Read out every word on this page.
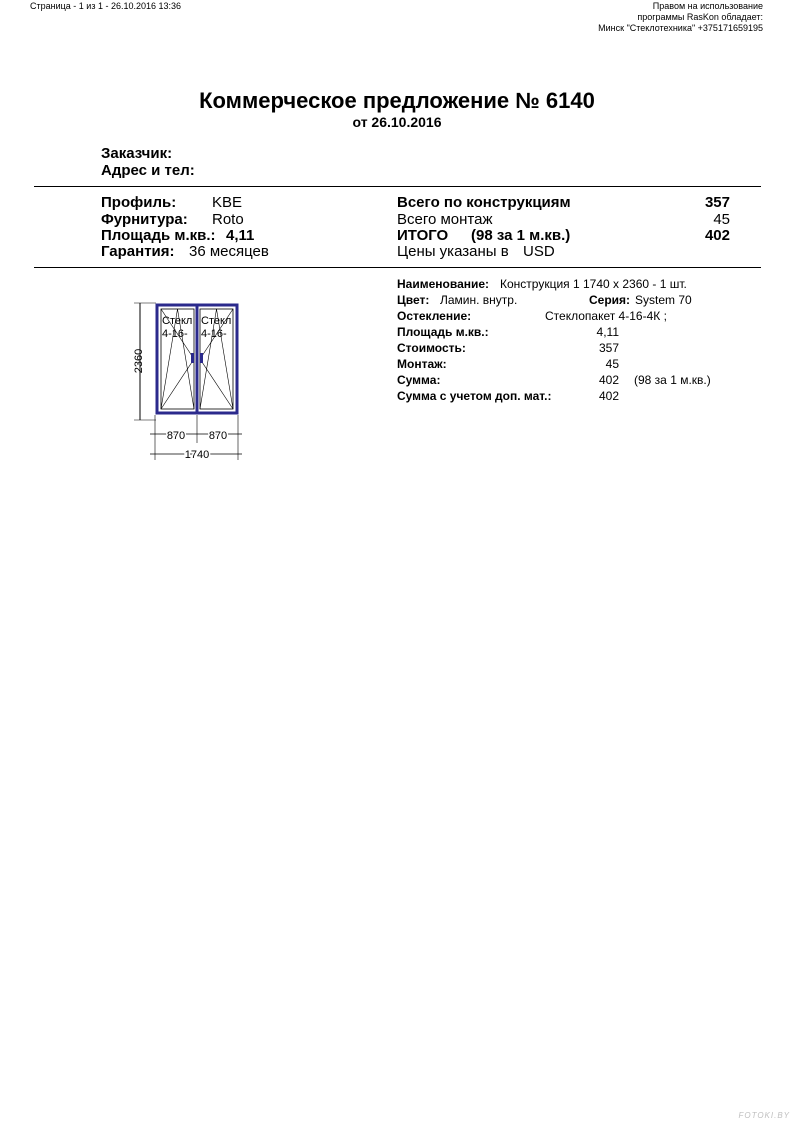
Страница - 1 из 1 - 26.10.2016 13:36	Правом на использование
программы RasKon обладает:
Минск "Стеклотехника" +375171659195
Коммерческое предложение № 6140
от 26.10.2016
Заказчик:
Адрес и тел:
Профиль: KBE
Фурнитура: Roto
Площадь м.кв.: 4,11
Гарантия: 36 месяцев
Всего по конструкциям	357
Всего монтаж	45
ИТОГО (98 за 1 м.кв.)	402
Цены указаны в USD
2360
Стекл
4-16-
Стекл
4-16-
870 870
1740
Наименование: Конструкция 1 1740 x 2360 - 1 шт.
Цвет: Ламин. внутр.	Серия: System 70
Остекление:	Стеклопакет 4-16-4К ;
Площадь м.кв.:	4,11
Стоимость:	357
Монтаж:	45
Сумма:	402 (98 за 1 м.кв.)
Сумма с учетом доп. мат.:	402
FOTOKI.BY
